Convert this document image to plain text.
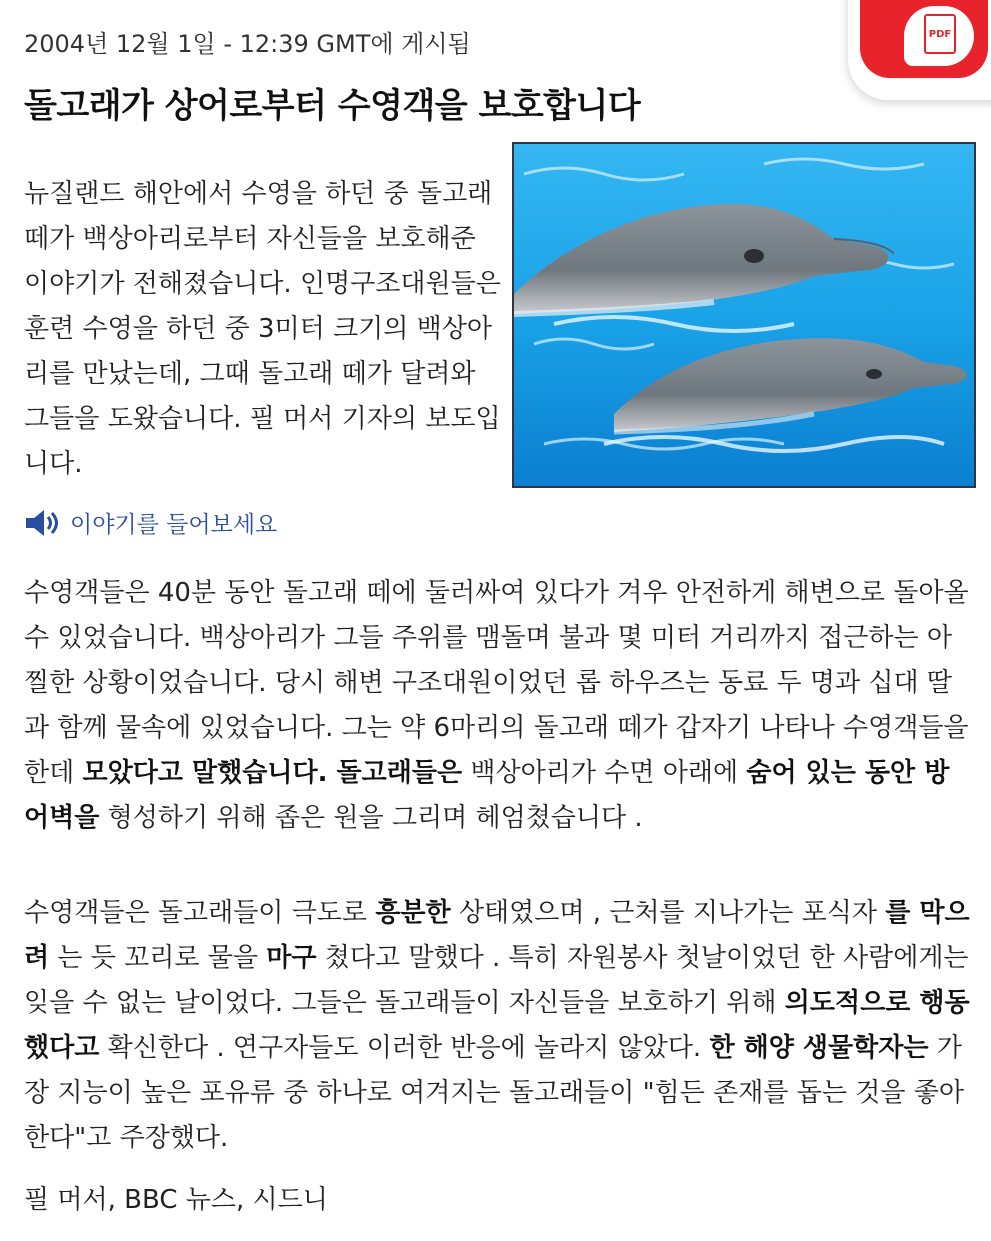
PDF
2004년 12월 1일 - 12:39 GMT에 게시됨
돌고래가 상어로부터 수영객을 보호합니다
뉴질랜드 해안에서 수영을 하던 중 돌고래 떼가 백상아리로부터 자신들을 보호해준 이야기가 전해졌습니다. 인명구조대원들은 훈련 수영을 하던 중 3미터 크기의 백상아리를 만났는데, 그때 돌고래 떼가 달려와 그들을 도왔습니다. 필 머서 기자의 보도입니다.
이야기를 들어보세요

수영객들은 40분 동안 돌고래 떼에 둘러싸여 있다가 겨우 안전하게 해변으로 돌아올 수 있었습니다. 백상아리가 그들 주위를 맴돌며 불과 몇 미터 거리까지 접근하는 아찔한 상황이었습니다. 당시 해변 구조대원이었던 롭 하우즈는 동료 두 명과 십대 딸과 함께 물속에 있었습니다. 그는 약 6마리의 돌고래 떼가 갑자기 나타나 수영객들을 한데 모았다고 말했습니다. 돌고래들은 백상아리가 수면 아래에 숨어 있는 동안 방어벽을 형성하기 위해 좁은 원을 그리며 헤엄쳤습니다 .

수영객들은 돌고래들이 극도로 흥분한 상태였으며 , 근처를 지나가는 포식자 를 막으려 는 듯 꼬리로 물을 마구 쳤다고 말했다 . 특히 자원봉사 첫날이었던 한 사람에게는 잊을 수 없는 날이었다. 그들은 돌고래들이 자신들을 보호하기 위해 의도적으로 행동했다고 확신한다 . 연구자들도 이러한 반응에 놀라지 않았다. 한 해양 생물학자는 가장 지능이 높은 포유류 중 하나로 여겨지는 돌고래들이 "힘든 존재를 돕는 것을 좋아한다"고 주장했다.

필 머서, BBC 뉴스, 시드니
